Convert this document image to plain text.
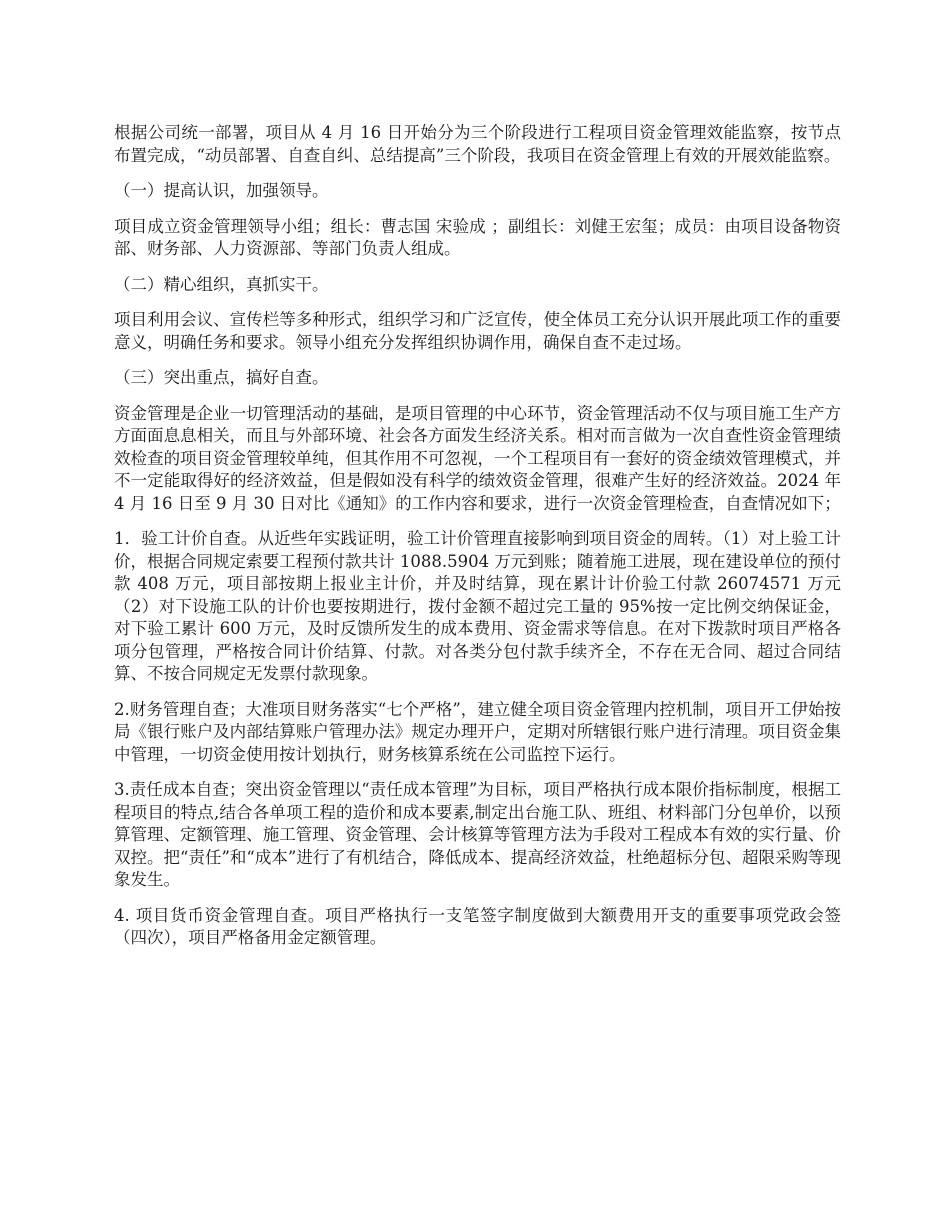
根据公司统一部署，项目从 4 月 16 日开始分为三个阶段进行工程项目资金管理效能监察，按节点布置完成，“动员部署、自查自纠、总结提高”三个阶段，我项目在资金管理上有效的开展效能监察。

（一）提高认识，加强领导。

项目成立资金管理领导小组；组长：曹志国 宋验成 ；副组长：刘健王宏玺；成员：由项目设备物资部、财务部、人力资源部、等部门负责人组成。

（二）精心组织，真抓实干。

项目利用会议、宣传栏等多种形式，组织学习和广泛宣传，使全体员工充分认识开展此项工作的重要意义，明确任务和要求。领导小组充分发挥组织协调作用，确保自查不走过场。

（三）突出重点，搞好自查。

资金管理是企业一切管理活动的基础，是项目管理的中心环节，资金管理活动不仅与项目施工生产方方面面息息相关，而且与外部环境、社会各方面发生经济关系。相对而言做为一次自查性资金管理绩效检查的项目资金管理较单纯，但其作用不可忽视，一个工程项目有一套好的资金绩效管理模式，并不一定能取得好的经济效益，但是假如没有科学的绩效资金管理，很难产生好的经济效益。2024 年 4 月 16 日至 9 月 30 日对比《通知》的工作内容和要求，进行一次资金管理检查，自查情况如下；

1．验工计价自查。从近些年实践证明，验工计价管理直接影响到项目资金的周转。（1）对上验工计价，根据合同规定索要工程预付款共计 1088.5904 万元到账；随着施工进展，现在建设单位的预付款 408 万元，项目部按期上报业主计价，并及时结算，现在累计计价验工付款 26074571 万元（2）对下设施工队的计价也要按期进行，拨付金额不超过完工量的 95%按一定比例交纳保证金，对下验工累计 600 万元，及时反馈所发生的成本费用、资金需求等信息。在对下拨款时项目严格各项分包管理，严格按合同计价结算、付款。对各类分包付款手续齐全，不存在无合同、超过合同结算、不按合同规定无发票付款现象。

2.财务管理自查；大准项目财务落实“七个严格”，建立健全项目资金管理内控机制，项目开工伊始按局《银行账户及内部结算账户管理办法》规定办理开户，定期对所辖银行账户进行清理。项目资金集中管理，一切资金使用按计划执行，财务核算系统在公司监控下运行。

3.责任成本自查；突出资金管理以“责任成本管理”为目标，项目严格执行成本限价指标制度，根据工程项目的特点,结合各单项工程的造价和成本要素,制定出台施工队、班组、材料部门分包单价，以预算管理、定额管理、施工管理、资金管理、会计核算等管理方法为手段对工程成本有效的实行量、价双控。把“责任”和“成本”进行了有机结合，降低成本、提高经济效益，杜绝超标分包、超限采购等现象发生。

4. 项目货币资金管理自查。项目严格执行一支笔签字制度做到大额费用开支的重要事项党政会签（四次），项目严格备用金定额管理。
